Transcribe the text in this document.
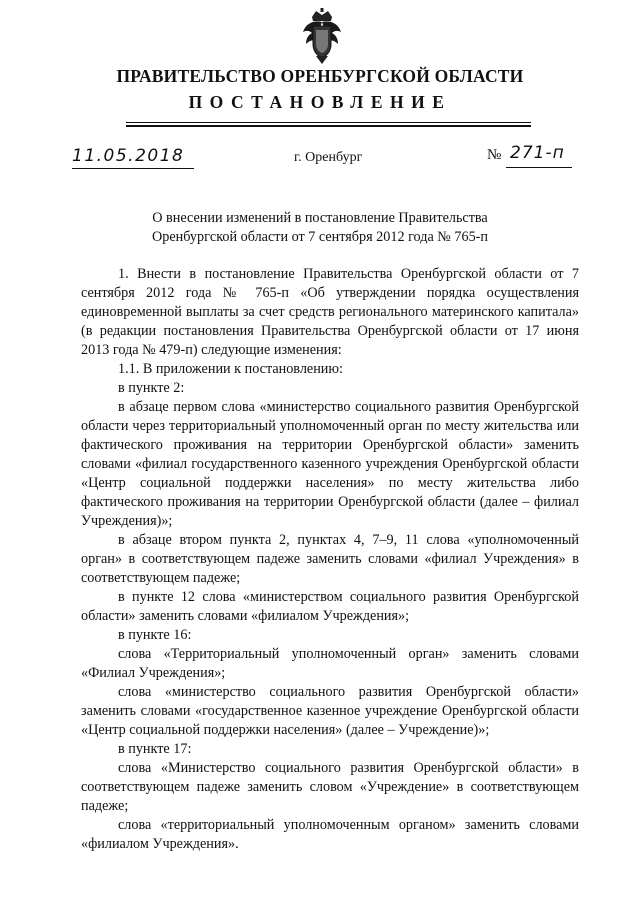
ПРАВИТЕЛЬСТВО ОРЕНБУРГСКОЙ ОБЛАСТИ
ПОСТАНОВЛЕНИЕ
11.05.2018	г. Оренбург	№ 271-п
О внесении изменений в постановление Правительства
Оренбургской области от 7 сентября 2012 года № 765-п

1. Внести в постановление Правительства Оренбургской области от 7 сентября 2012 года № 765-п «Об утверждении порядка осуществления единовременной выплаты за счет средств регионального материнского капитала» (в редакции постановления Правительства Оренбургской области от 17 июня 2013 года № 479-п) следующие изменения:

1.1. В приложении к постановлению:

в пункте 2:

в абзаце первом слова «министерство социального развития Оренбургской области через территориальный уполномоченный орган по месту жительства или фактического проживания на территории Оренбургской области» заменить словами «филиал государственного казенного учреждения Оренбургской области «Центр социальной поддержки населения» по месту жительства либо фактического проживания на территории Оренбургской области (далее – филиал Учреждения)»;

в абзаце втором пункта 2, пунктах 4, 7–9, 11 слова «уполномоченный орган» в соответствующем падеже заменить словами «филиал Учреждения» в соответствующем падеже;

в пункте 12 слова «министерством социального развития Оренбургской области» заменить словами «филиалом Учреждения»;

в пункте 16:

слова «Территориальный уполномоченный орган» заменить словами «Филиал Учреждения»;

слова «министерство социального развития Оренбургской области» заменить словами «государственное казенное учреждение Оренбургской области «Центр социальной поддержки населения» (далее – Учреждение)»;

в пункте 17:

слова «Министерство социального развития Оренбургской области» в соответствующем падеже заменить словом «Учреждение» в соответствующем падеже;

слова «территориальный уполномоченным органом» заменить словами «филиалом Учреждения».
